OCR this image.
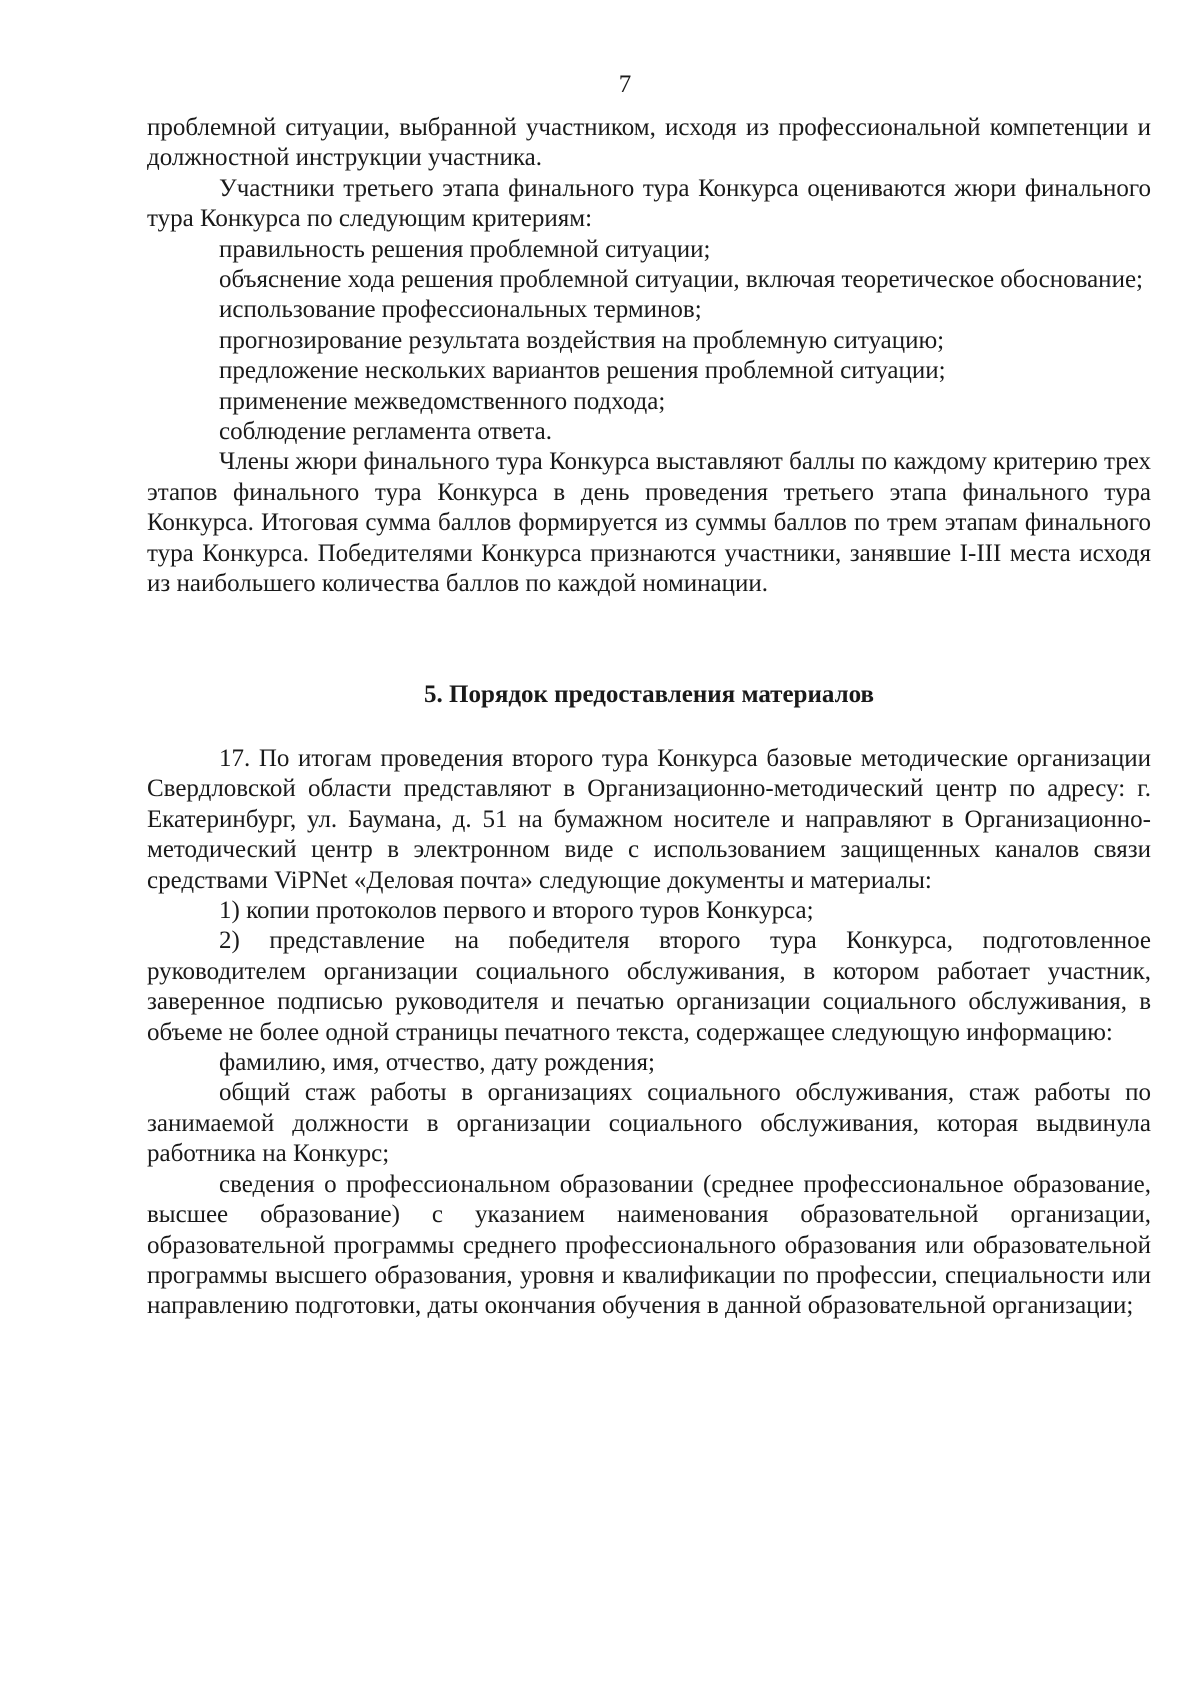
7

проблемной ситуации, выбранной участником, исходя из профессиональной компетенции и должностной инструкции участника.

Участники третьего этапа финального тура Конкурса оцениваются жюри финального тура Конкурса по следующим критериям:

правильность решения проблемной ситуации;

объяснение хода решения проблемной ситуации, включая теоретическое обоснование;

использование профессиональных терминов;

прогнозирование результата воздействия на проблемную ситуацию;

предложение нескольких вариантов решения проблемной ситуации;

применение межведомственного подхода;

соблюдение регламента ответа.

Члены жюри финального тура Конкурса выставляют баллы по каждому критерию трех этапов финального тура Конкурса в день проведения третьего этапа финального тура Конкурса. Итоговая сумма баллов формируется из суммы баллов по трем этапам финального тура Конкурса. Победителями Конкурса признаются участники, занявшие I-III места исходя из наибольшего количества баллов по каждой номинации.

5. Порядок предоставления материалов

17. По итогам проведения второго тура Конкурса базовые методические организации Свердловской области представляют в Организационно-методический центр по адресу: г. Екатеринбург, ул. Баумана, д. 51 на бумажном носителе и направляют в Организационно-методический центр в электронном виде с использованием защищенных каналов связи средствами ViPNet «Деловая почта» следующие документы и материалы:

1) копии протоколов первого и второго туров Конкурса;

2) представление на победителя второго тура Конкурса, подготовленное руководителем организации социального обслуживания, в котором работает участник, заверенное подписью руководителя и печатью организации социального обслуживания, в объеме не более одной страницы печатного текста, содержащее следующую информацию:

фамилию, имя, отчество, дату рождения;

общий стаж работы в организациях социального обслуживания, стаж работы по занимаемой должности в организации социального обслуживания, которая выдвинула работника на Конкурс;

сведения о профессиональном образовании (среднее профессиональное образование, высшее образование) с указанием наименования образовательной организации, образовательной программы среднего профессионального образования или образовательной программы высшего образования, уровня и квалификации по профессии, специальности или направлению подготовки, даты окончания обучения в данной образовательной организации;
